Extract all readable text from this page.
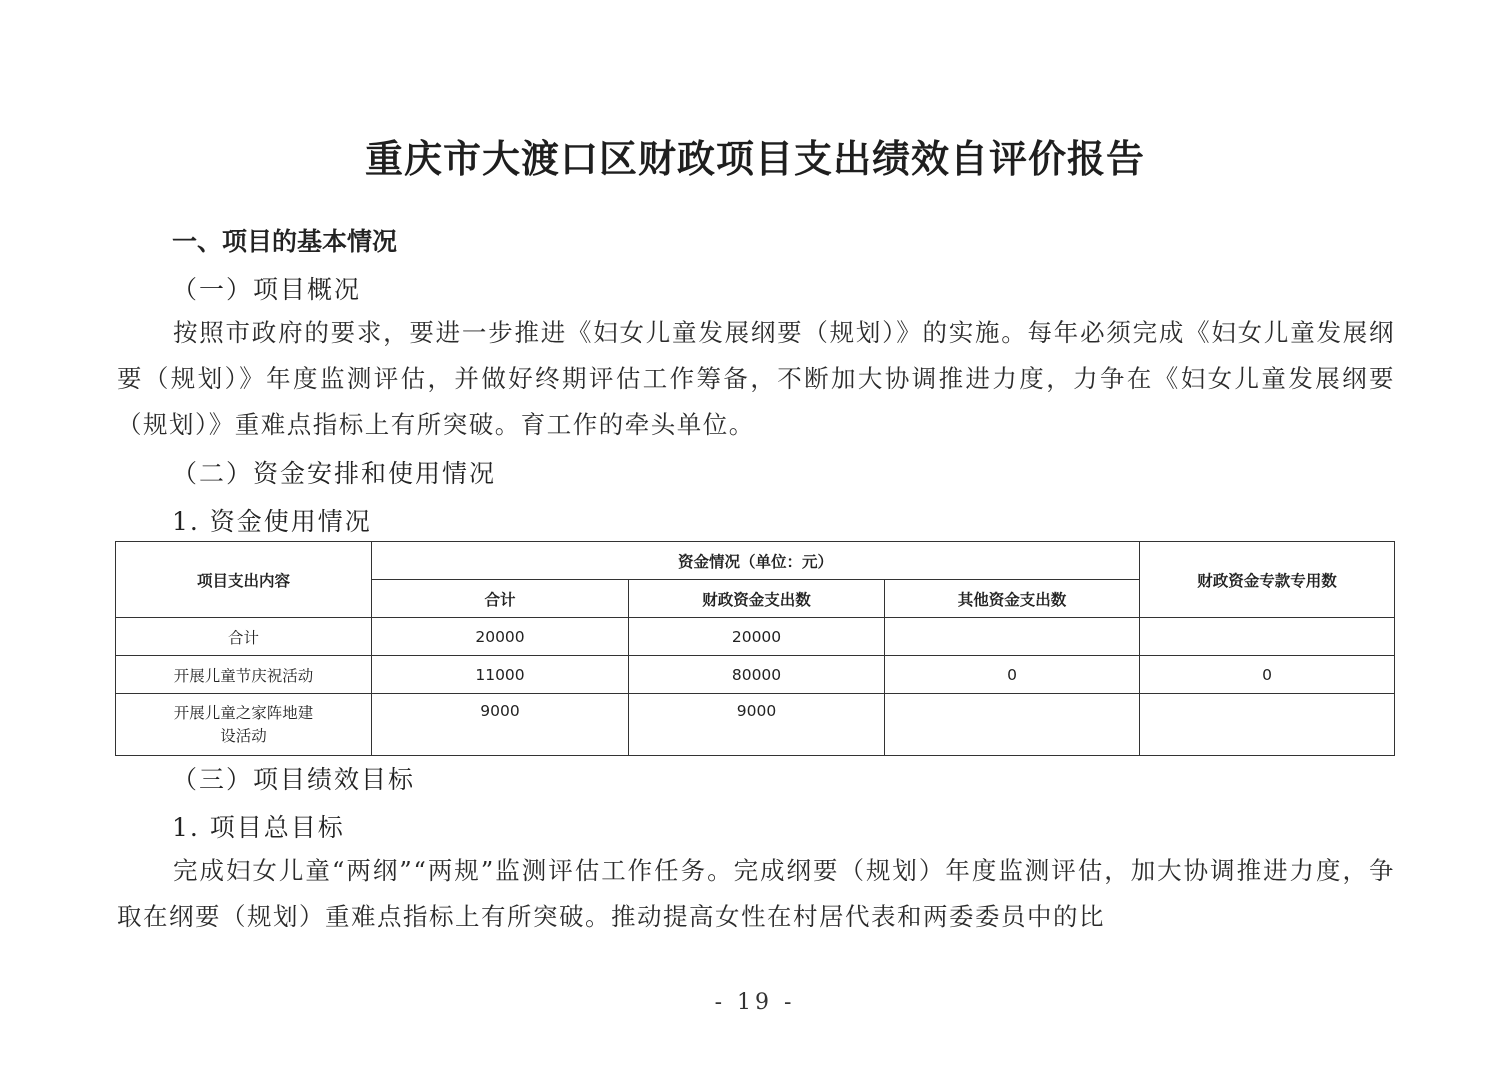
重庆市大渡口区财政项目支出绩效自评价报告
一、项目的基本情况
（一）项目概况
按照市政府的要求，要进一步推进《妇女儿童发展纲要（规划）》的实施。每年必须完成《妇女儿童发展纲要（规划）》年度监测评估，并做好终期评估工作筹备，不断加大协调推进力度，力争在《妇女儿童发展纲要（规划）》重难点指标上有所突破。育工作的牵头单位。
（二）资金安排和使用情况
1. 资金使用情况
项目支出内容	资金情况（单位：元）			财政资金专款专用数
	合计	财政资金支出数	其他资金支出数	
合计	20000	20000		
开展儿童节庆祝活动	11000	80000	0	0

开展儿童之家阵地建
设活动	9000	9000		
（三）项目绩效目标
1. 项目总目标
完成妇女儿童“两纲”“两规”监测评估工作任务。完成纲要（规划）年度监测评估，加大协调推进力度，争取在纲要（规划）重难点指标上有所突破。推动提高女性在村居代表和两委委员中的比
- 19 -
